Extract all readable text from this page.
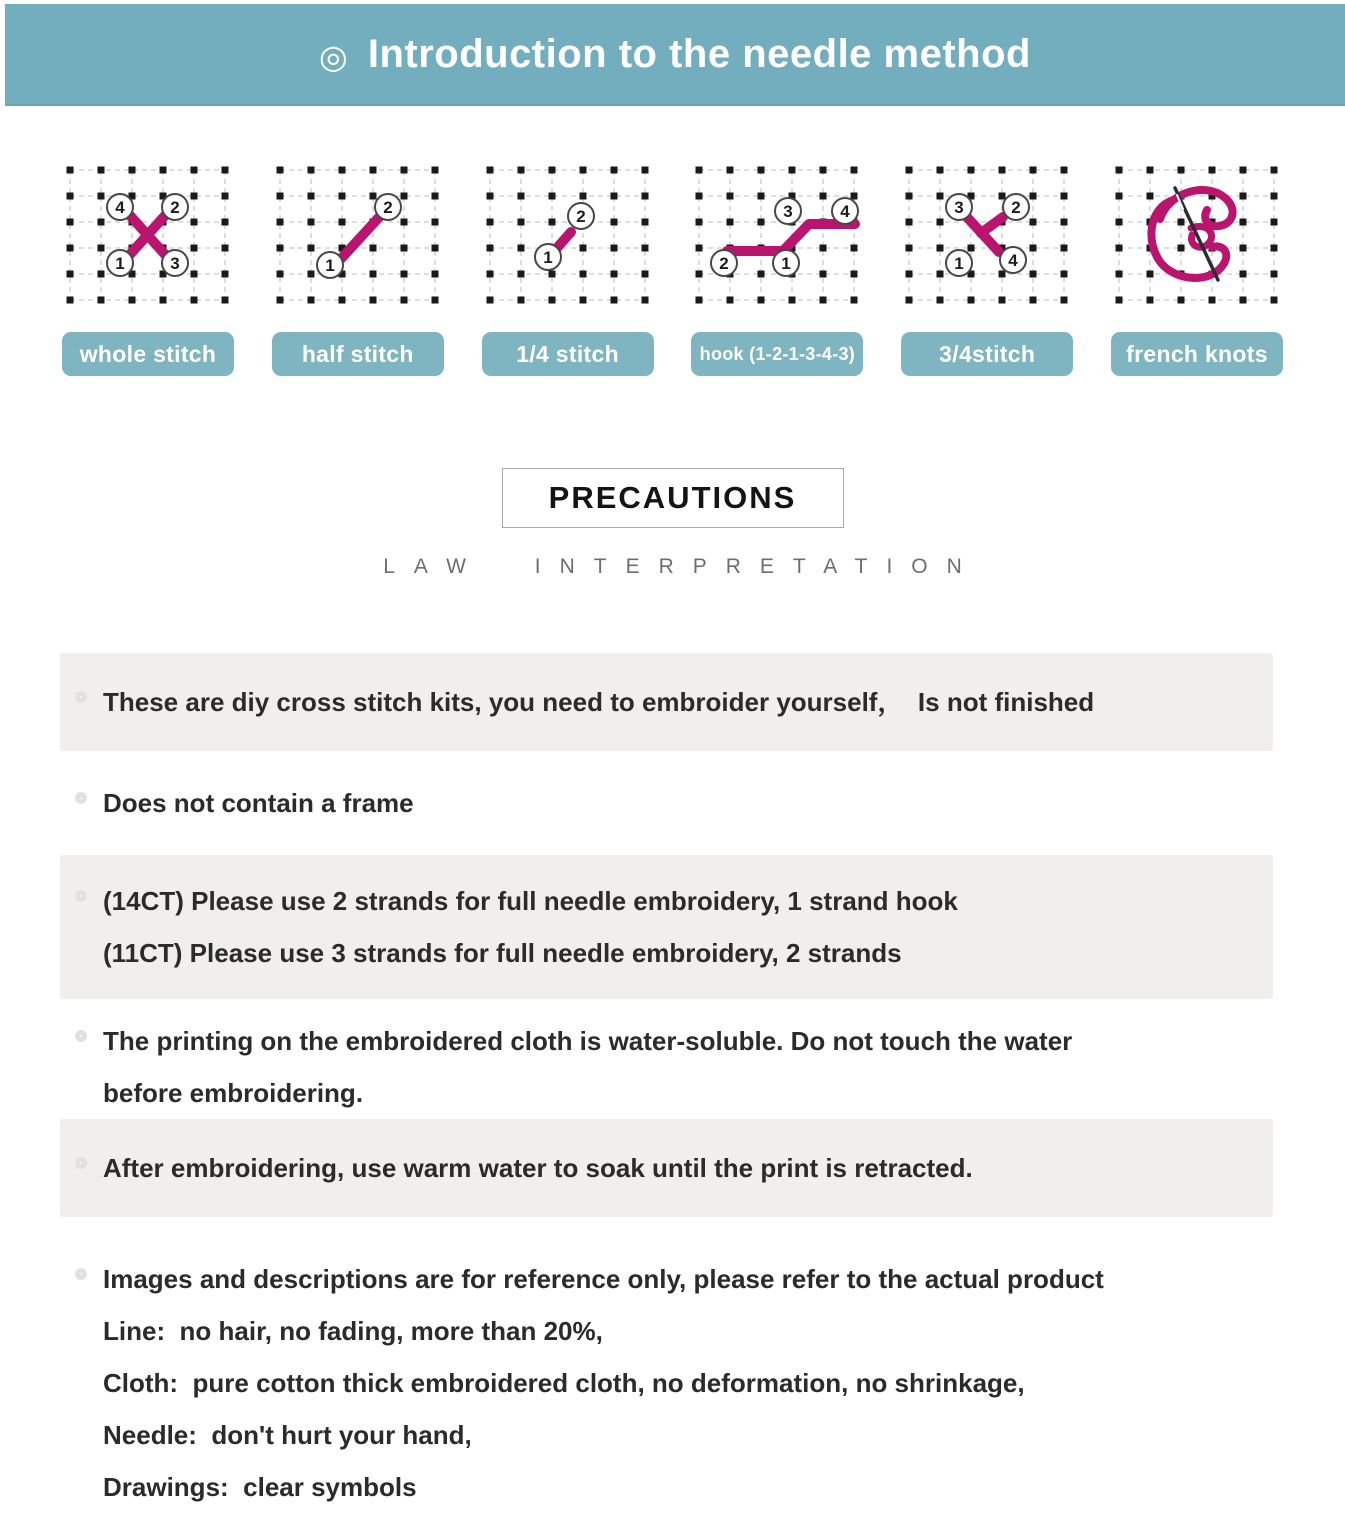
◎ Introduction to the needle method
4	2
1	3
whole stitch
1
2
half stitch
1
2
1/4 stitch
2	1
3	4
hook (1-2-1-3-4-3)
3	2
1	4
3/4stitch	french knots
PRECAUTIONS
LAW INTERPRETATION

These are diy cross stitch kits, you need to embroider yourself，  Is not finished

Does not contain a frame

(14CT) Please use 2 strands for full needle embroidery, 1 strand hook

(11CT) Please use 3 strands for full needle embroidery, 2 strands

The printing on the embroidered cloth is water-soluble. Do not touch the water

before embroidering.

After embroidering, use warm water to soak until the print is retracted.

Images and descriptions are for reference only, please refer to the actual product

Line:  no hair, no fading, more than 20%,

Cloth:  pure cotton thick embroidered cloth, no deformation, no shrinkage,

Needle:  don't hurt your hand,

Drawings:  clear symbols
